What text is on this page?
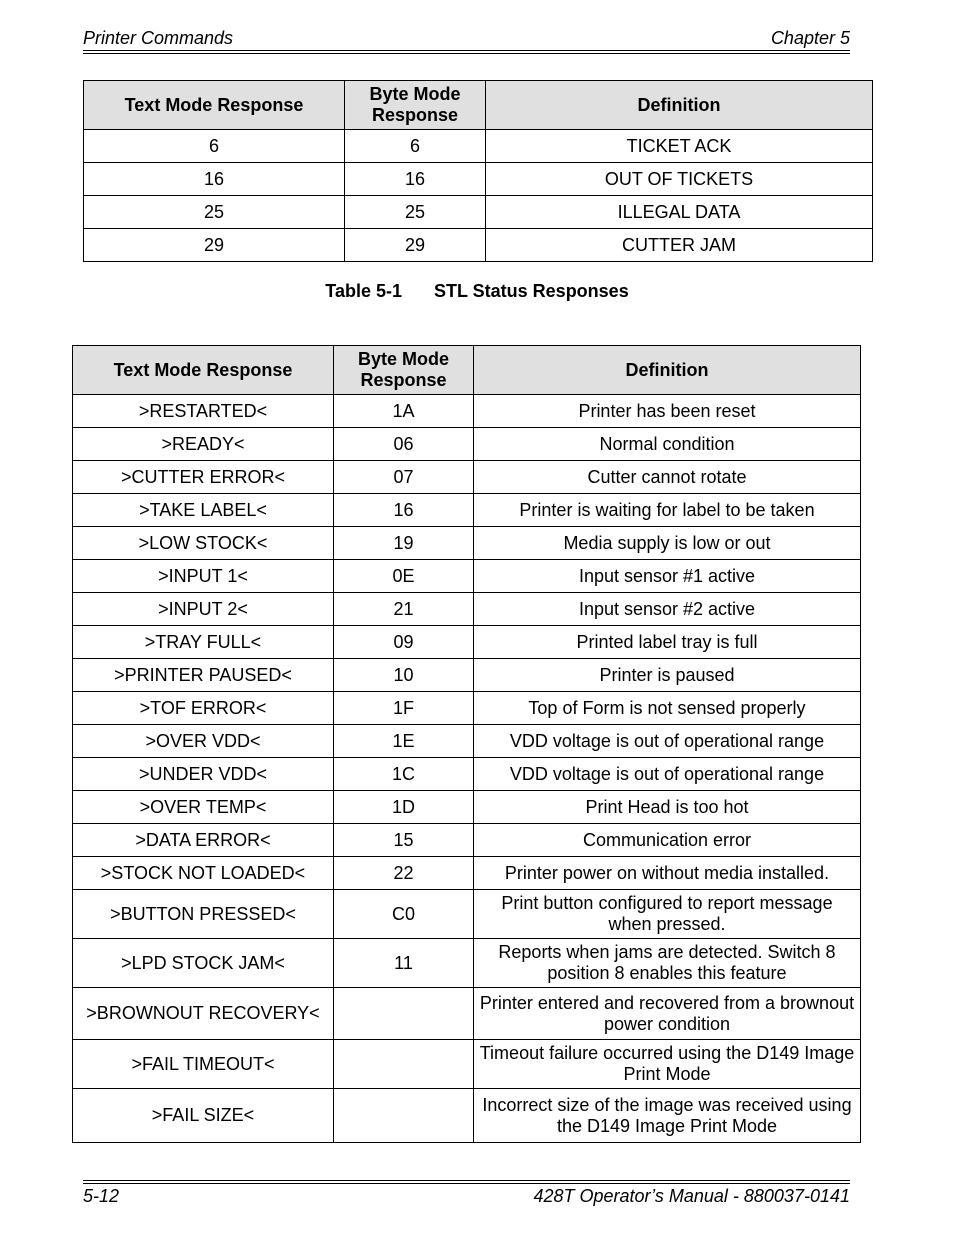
Printer Commands	Chapter 5
Text Mode Response	Byte Mode Response	Definition
6	6	TICKET ACK
16	16	OUT OF TICKETS
25	25	ILLEGAL DATA
29	29	CUTTER JAM
Table 5-1 STL Status Responses
Text Mode Response	Byte Mode Response	Definition
>RESTARTED<	1A	Printer has been reset
>READY<	06	Normal condition
>CUTTER ERROR<	07	Cutter cannot rotate
>TAKE LABEL<	16	Printer is waiting for label to be taken
>LOW STOCK<	19	Media supply is low or out
>INPUT 1<	0E	Input sensor #1 active
>INPUT 2<	21	Input sensor #2 active
>TRAY FULL<	09	Printed label tray is full
>PRINTER PAUSED<	10	Printer is paused
>TOF ERROR<	1F	Top of Form is not sensed properly
>OVER VDD<	1E	VDD voltage is out of operational range
>UNDER VDD<	1C	VDD voltage is out of operational range
>OVER TEMP<	1D	Print Head is too hot
>DATA ERROR<	15	Communication error
>STOCK NOT LOADED<	22	Printer power on without media installed.
>BUTTON PRESSED<	C0	Print button configured to report message when pressed.
>LPD STOCK JAM<	11	Reports when jams are detected. Switch 8 position 8 enables this feature
>BROWNOUT RECOVERY<		Printer entered and recovered from a brownout power condition
>FAIL TIMEOUT<		Timeout failure occurred using the D149 Image Print Mode
>FAIL SIZE<		Incorrect size of the image was received using the D149 Image Print Mode
5-12	428T Operator’s Manual - 880037-0141
